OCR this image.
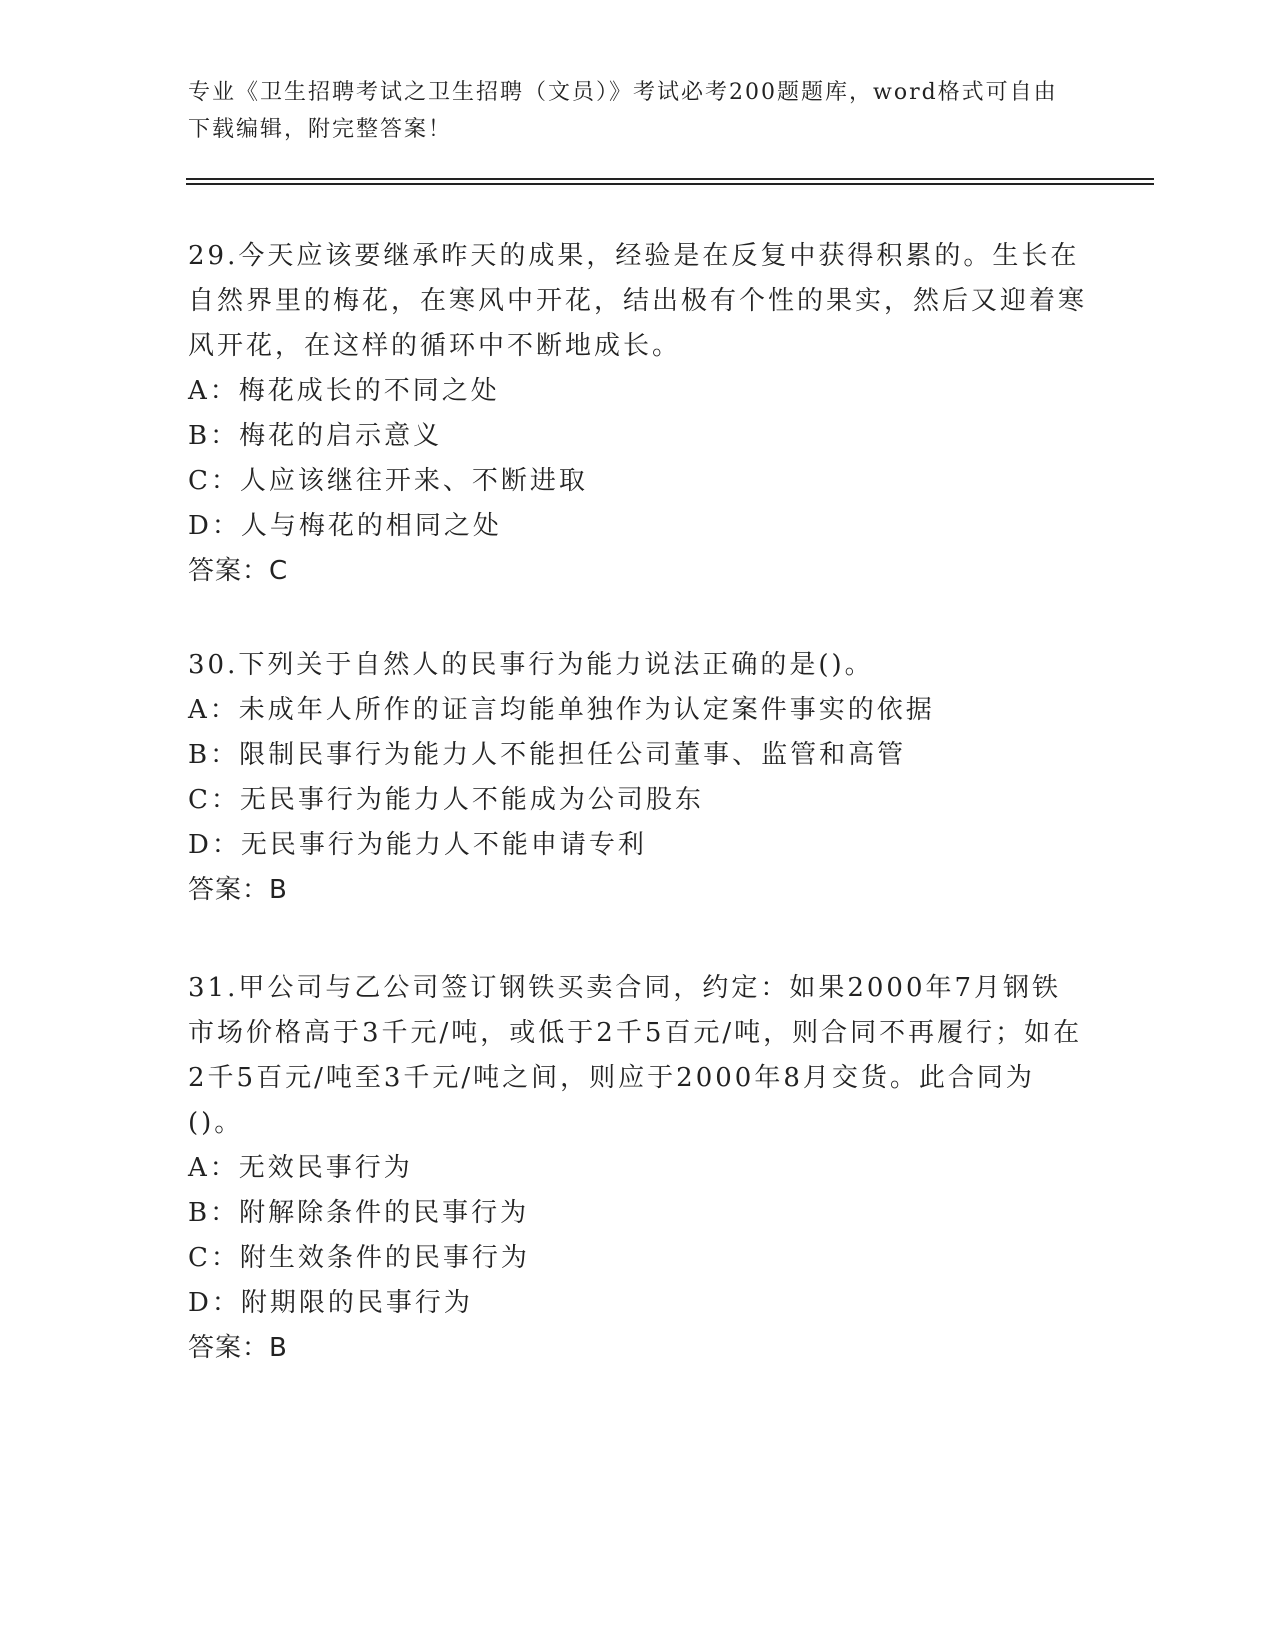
专业《卫生招聘考试之卫生招聘（文员）》考试必考200题题库，word格式可自由下载编辑，附完整答案！

29.今天应该要继承昨天的成果，经验是在反复中获得积累的。生长在自然界里的梅花，在寒风中开花，结出极有个性的果实，然后又迎着寒风开花，在这样的循环中不断地成长。

A：梅花成长的不同之处

B：梅花的启示意义

C：人应该继往开来、不断进取

D：人与梅花的相同之处

答案：C

30.下列关于自然人的民事行为能力说法正确的是()。

A：未成年人所作的证言均能单独作为认定案件事实的依据

B：限制民事行为能力人不能担任公司董事、监管和高管

C：无民事行为能力人不能成为公司股东

D：无民事行为能力人不能申请专利

答案：B

31.甲公司与乙公司签订钢铁买卖合同，约定：如果2000年7月钢铁市场价格高于3千元/吨，或低于2千5百元/吨，则合同不再履行；如在2千5百元/吨至3千元/吨之间，则应于2000年8月交货。此合同为()。

A：无效民事行为

B：附解除条件的民事行为

C：附生效条件的民事行为

D：附期限的民事行为

答案：B
